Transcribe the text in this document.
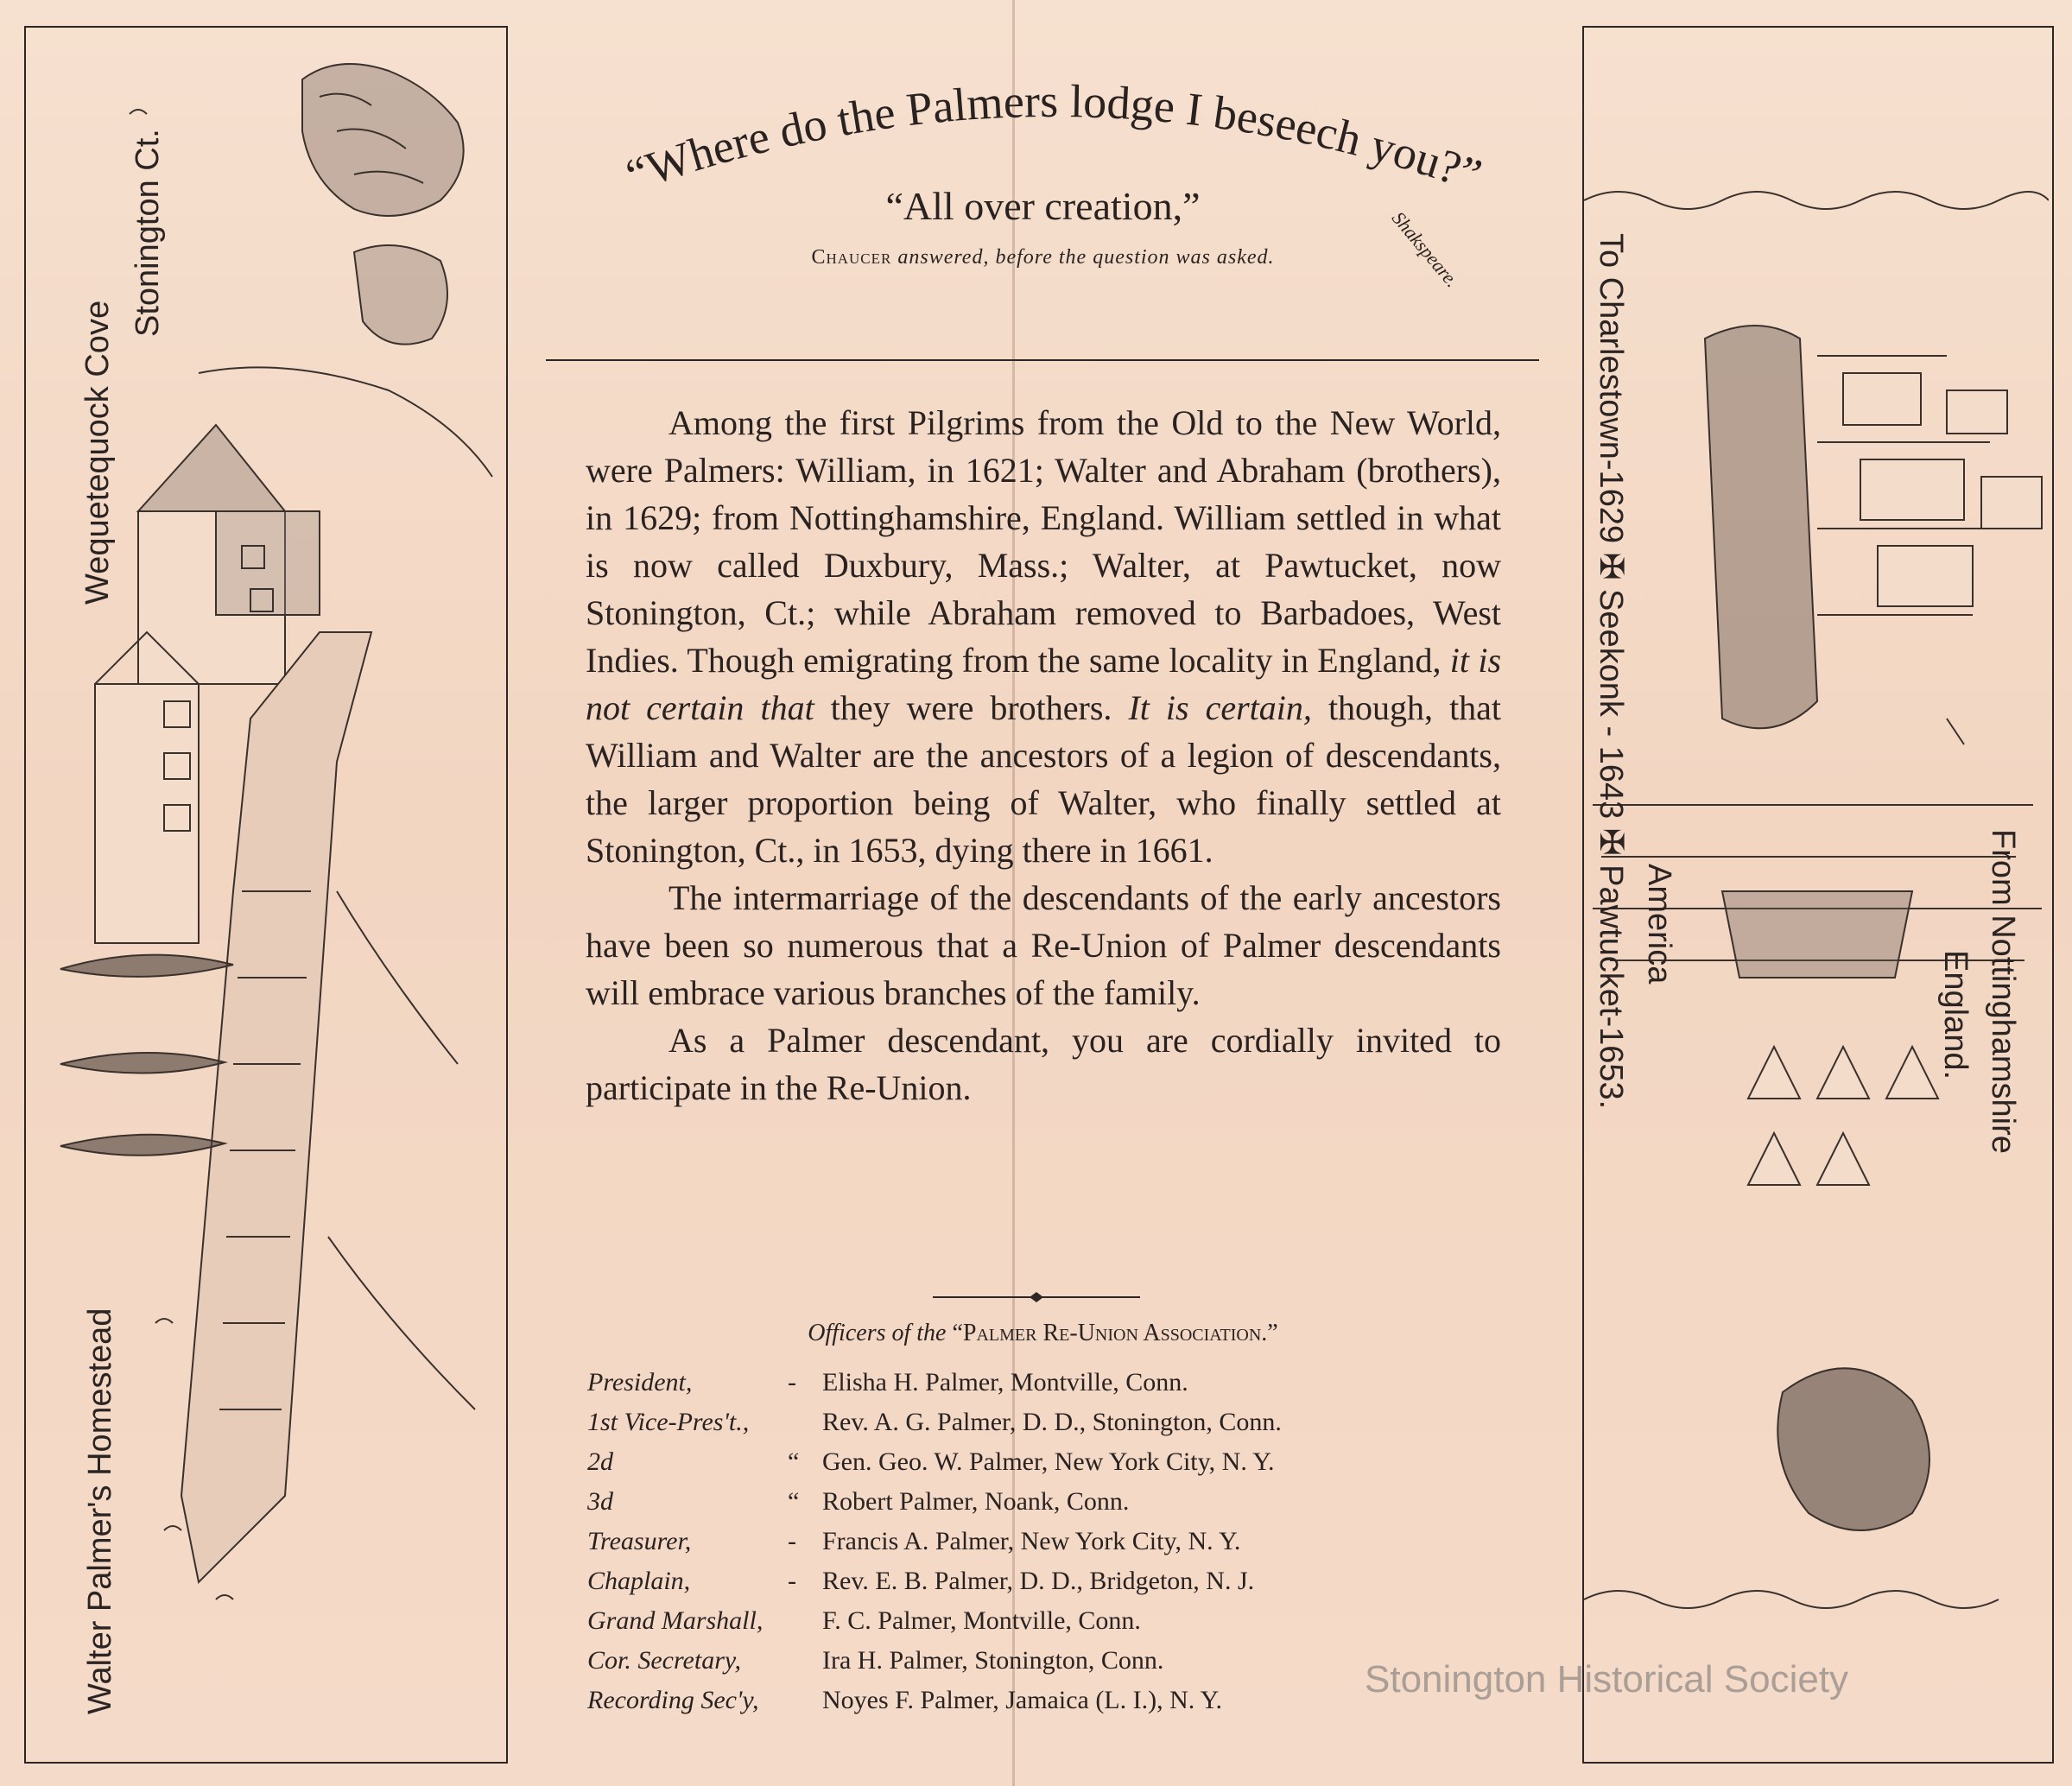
Wequetequock Cove
Stonington Ct.
Walter Palmer's Homestead
To Charlestown-1629 ✠ Seekonk - 1643 ✠ Pawtucket-1653. America	From Nottinghamshire
England.
“Where do the Palmers lodge I beseech you?”
Shakspeare.
“All over creation,”
Chaucer answered, before the question was asked.

Among the first Pilgrims from the Old to the New World, were Palmers: William, in 1621; Walter and Abraham (brothers), in 1629; from Nottinghamshire, England. William settled in what is now called Duxbury, Mass.; Walter, at Pawtucket, now Stonington, Ct.; while Abraham removed to Barbadoes, West Indies. Though emigrating from the same locality in England, it is not certain that they were brothers. It is certain, though, that William and Walter are the ancestors of a legion of descendants, the larger proportion being of Walter, who finally settled at Stonington, Ct., in 1653, dying there in 1661.

The intermarriage of the descendants of the early ancestors have been so numerous that a Re-Union of Palmer descendants will embrace various branches of the family.

As a Palmer descendant, you are cordially invited to participate in the Re-Union.

Officers of the “Palmer Re-Union Association.”
President,	- Elisha H. Palmer, Montville, Conn.
1st Vice-Pres't.,	Rev. A. G. Palmer, D. D., Stonington, Conn.
2d	“ Gen. Geo. W. Palmer, New York City, N. Y.
3d	“ Robert Palmer, Noank, Conn.
Treasurer,	- Francis A. Palmer, New York City, N. Y.
Chaplain,	- Rev. E. B. Palmer, D. D., Bridgeton, N. J.
Grand Marshall, F. C. Palmer, Montville, Conn.
Cor. Secretary,	Ira H. Palmer, Stonington, Conn.
Recording Sec'y, Noyes F. Palmer, Jamaica (L. I.), N. Y.	Stonington Historical Society
